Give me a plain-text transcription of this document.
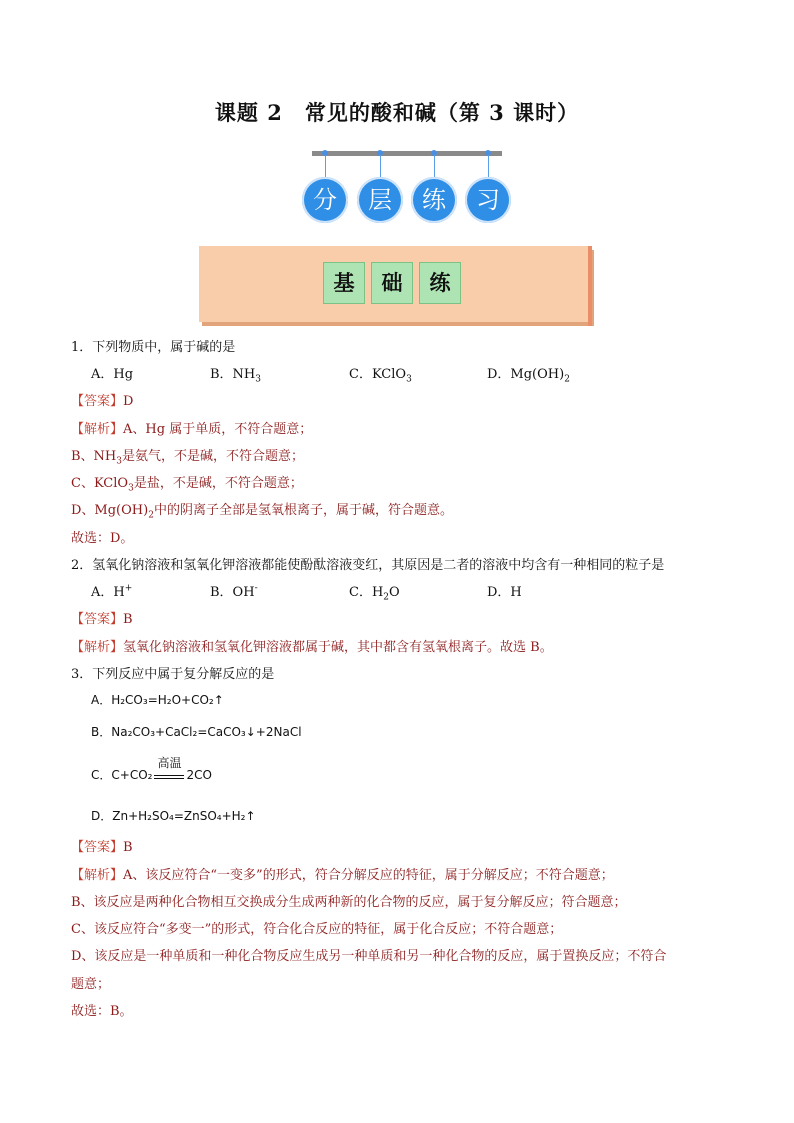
课题 2　常见的酸和碱（第 3 课时）
分	层	练	习
基	础	练
1．下列物质中，属于碱的是
A．Hg	B．$NH_3$	C．KClO$_3$	D．$Mg(OH)_2$
【答案】D
【解析】A、Hg 属于单质，不符合题意；
B、$NH_3$是氨气，不是碱，不符合题意；
C、KClO$_3$是盐，不是碱，不符合题意；
D、$Mg(OH)_2$中的阴离子全部是氢氧根离子，属于碱，符合题意。
故选：D。
2．氢氧化钠溶液和氢氧化钾溶液都能使酚酞溶液变红，其原因是二者的溶液中均含有一种相同的粒子是
A．H+	B．OH-	C．$H_2O$	D．H
【答案】B
【解析】氢氧化钠溶液和氢氧化钾溶液都属于碱，其中都含有氢氧根离子。故选 B。
3．下列反应中属于复分解反应的是
A．H₂CO₃=H₂O+CO₂↑
B．Na₂CO₃+CaCl₂=CaCO₃↓+2NaCl
C．C+CO₂
高温
2CO
D．Zn+H₂SO₄=ZnSO₄+H₂↑
【答案】B
【解析】A、该反应符合“一变多”的形式，符合分解反应的特征，属于分解反应；不符合题意；
B、该反应是两种化合物相互交换成分生成两种新的化合物的反应，属于复分解反应；符合题意；
C、该反应符合“多变一”的形式，符合化合反应的特征，属于化合反应；不符合题意；
D、该反应是一种单质和一种化合物反应生成另一种单质和另一种化合物的反应，属于置换反应；不符合
题意；
故选：B。
